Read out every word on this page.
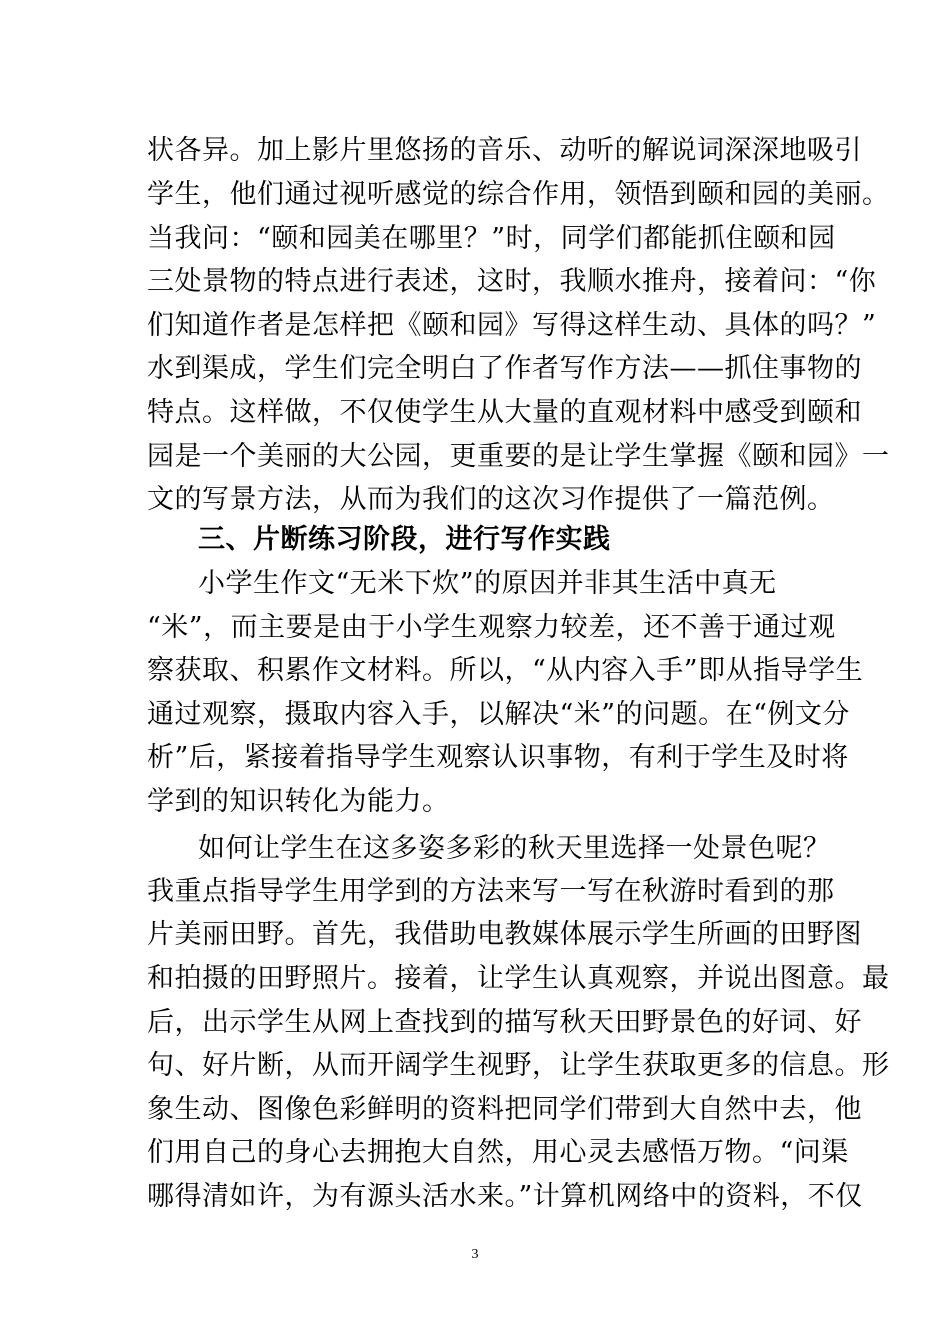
状各异。加上影片里悠扬的音乐、动听的解说词深深地吸引
学生，他们通过视听感觉的综合作用，领悟到颐和园的美丽。
当我问：“颐和园美在哪里？”时，同学们都能抓住颐和园
三处景物的特点进行表述，这时，我顺水推舟，接着问：“你
们知道作者是怎样把《颐和园》写得这样生动、具体的吗？”
水到渠成，学生们完全明白了作者写作方法——抓住事物的
特点。这样做，不仅使学生从大量的直观材料中感受到颐和
园是一个美丽的大公园，更重要的是让学生掌握《颐和园》一
文的写景方法，从而为我们的这次习作提供了一篇范例。
三、片断练习阶段，进行写作实践
小学生作文“无米下炊”的原因并非其生活中真无
“米”，而主要是由于小学生观察力较差，还不善于通过观
察获取、积累作文材料。所以，“从内容入手”即从指导学生
通过观察，摄取内容入手，以解决“米”的问题。在“例文分
析”后，紧接着指导学生观察认识事物，有利于学生及时将
学到的知识转化为能力。
如何让学生在这多姿多彩的秋天里选择一处景色呢？
我重点指导学生用学到的方法来写一写在秋游时看到的那
片美丽田野。首先，我借助电教媒体展示学生所画的田野图
和拍摄的田野照片。接着，让学生认真观察，并说出图意。最
后，出示学生从网上查找到的描写秋天田野景色的好词、好
句、好片断，从而开阔学生视野，让学生获取更多的信息。形
象生动、图像色彩鲜明的资料把同学们带到大自然中去，他
们用自己的身心去拥抱大自然，用心灵去感悟万物。“问渠
哪得清如许，为有源头活水来。”计算机网络中的资料，不仅
3
